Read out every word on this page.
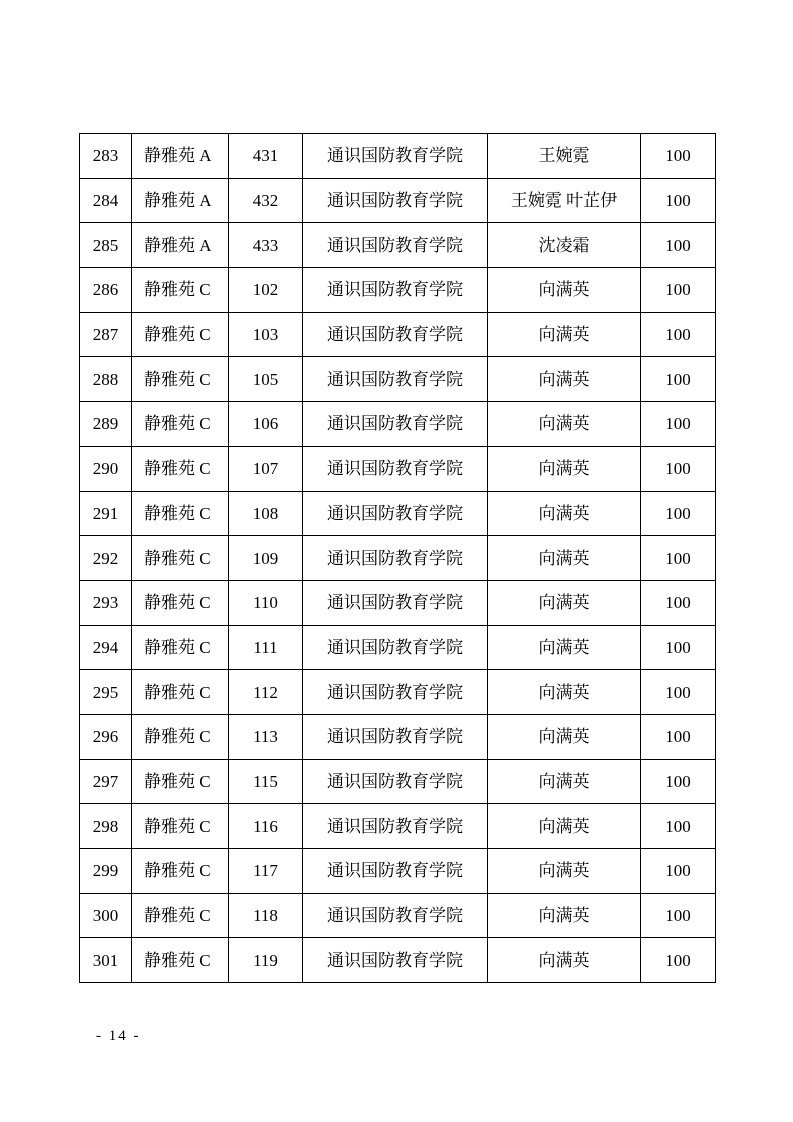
283	静雅苑 A	431	通识国防教育学院	王婉霓	100
284	静雅苑 A	432	通识国防教育学院	王婉霓 叶芷伊	100
285	静雅苑 A	433	通识国防教育学院	沈凌霜	100
286	静雅苑 C	102	通识国防教育学院	向满英	100
287	静雅苑 C	103	通识国防教育学院	向满英	100
288	静雅苑 C	105	通识国防教育学院	向满英	100
289	静雅苑 C	106	通识国防教育学院	向满英	100
290	静雅苑 C	107	通识国防教育学院	向满英	100
291	静雅苑 C	108	通识国防教育学院	向满英	100
292	静雅苑 C	109	通识国防教育学院	向满英	100
293	静雅苑 C	110	通识国防教育学院	向满英	100
294	静雅苑 C	111	通识国防教育学院	向满英	100
295	静雅苑 C	112	通识国防教育学院	向满英	100
296	静雅苑 C	113	通识国防教育学院	向满英	100
297	静雅苑 C	115	通识国防教育学院	向满英	100
298	静雅苑 C	116	通识国防教育学院	向满英	100
299	静雅苑 C	117	通识国防教育学院	向满英	100
300	静雅苑 C	118	通识国防教育学院	向满英	100
301	静雅苑 C	119	通识国防教育学院	向满英	100
- 14 -
